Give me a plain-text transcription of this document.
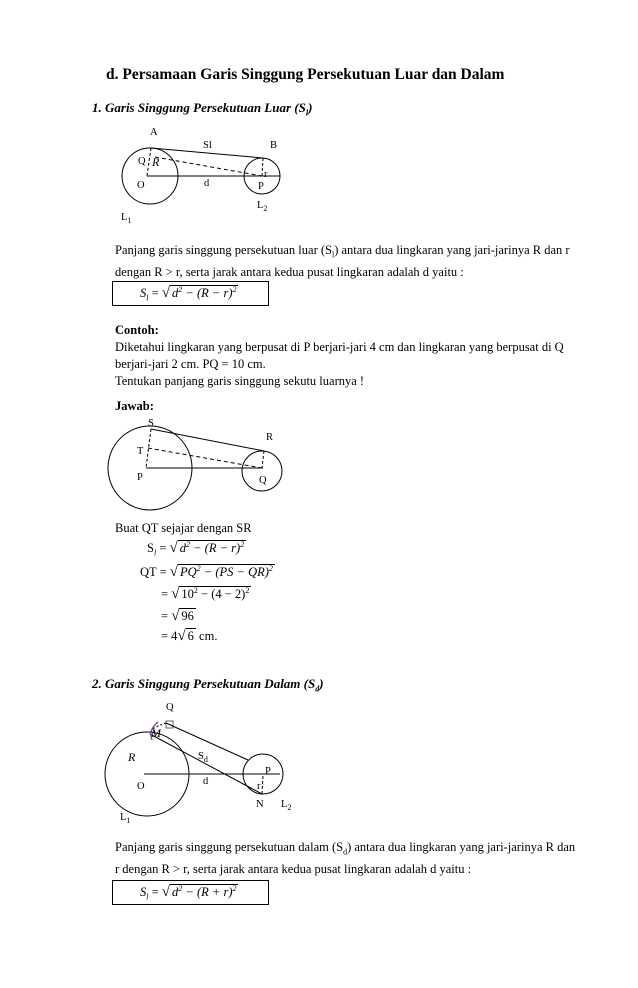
d. Persamaan Garis Singgung Persekutuan Luar dan Dalam
1. Garis Singgung Persekutuan Luar $(S_l)$
A
B
Sl
Q R
O	d
r
P
$L_2$
$L_1$
Panjang garis singgung persekutuan luar $(S_l)$ antara dua lingkaran yang jari-jarinya R dan r
dengan R > r, serta jarak antara kedua pusat lingkaran adalah d yaitu :
$S_l$ = √ $d^2 - (R - r)^2$
Contoh:
Diketahui lingkaran yang berpusat di P berjari-jari 4 cm dan lingkaran yang berpusat di Q
berjari-jari 2 cm. PQ = 10 cm.
Tentukan panjang garis singgung sekutu luarnya !
Jawab:
S
R
T
P	Q
Buat QT sejajar dengan SR
$S_l$ = √ $d^2 - (R - r)^2$
QT = √ $PQ^2 - (PS - QR)^2$
= √ $10^2 - (4 - 2)^2$
= √ 96
= 4√ 6 cm.
2. Garis Singgung Persekutuan Dalam $(S_d)$
Q
M
R	$S_d$
O	d
P
r
N $L_2$
$L_1$
Panjang garis singgung persekutuan dalam $(S_d)$ antara dua lingkaran yang jari-jarinya R dan
r dengan R > r, serta jarak antara kedua pusat lingkaran adalah d yaitu :
$S_l$ = √ $d^2 - (R + r)^2$
